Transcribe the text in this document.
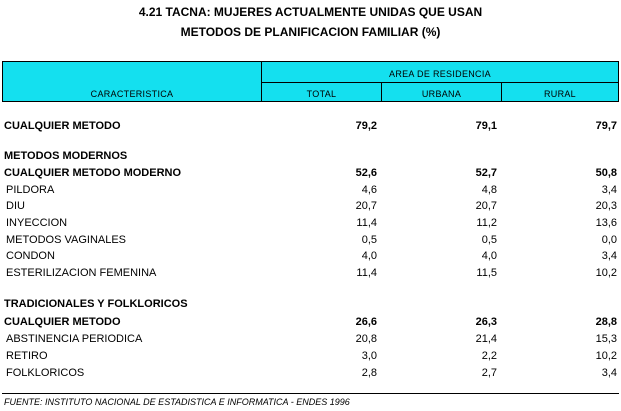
4.21 TACNA: MUJERES ACTUALMENTE UNIDAS QUE USAN
METODOS DE PLANIFICACION FAMILIAR (%)
CARACTERISTICA
AREA DE RESIDENCIA
TOTAL	URBANA	RURAL
CUALQUIER METODO	79,2	79,1	79,7
METODOS MODERNOS
CUALQUIER METODO MODERNO	52,6	52,7	50,8
PILDORA	4,6	4,8	3,4
DIU	20,7	20,7	20,3
INYECCION	11,4	11,2	13,6
METODOS VAGINALES	0,5	0,5	0,0
CONDON	4,0	4,0	3,4
ESTERILIZACION FEMENINA	11,4	11,5	10,2
TRADICIONALES Y FOLKLORICOS
CUALQUIER METODO	26,6	26,3	28,8
ABSTINENCIA PERIODICA	20,8	21,4	15,3
RETIRO	3,0	2,2	10,2
FOLKLORICOS	2,8	2,7	3,4
FUENTE: INSTITUTO NACIONAL DE ESTADISTICA E INFORMATICA - ENDES 1996
